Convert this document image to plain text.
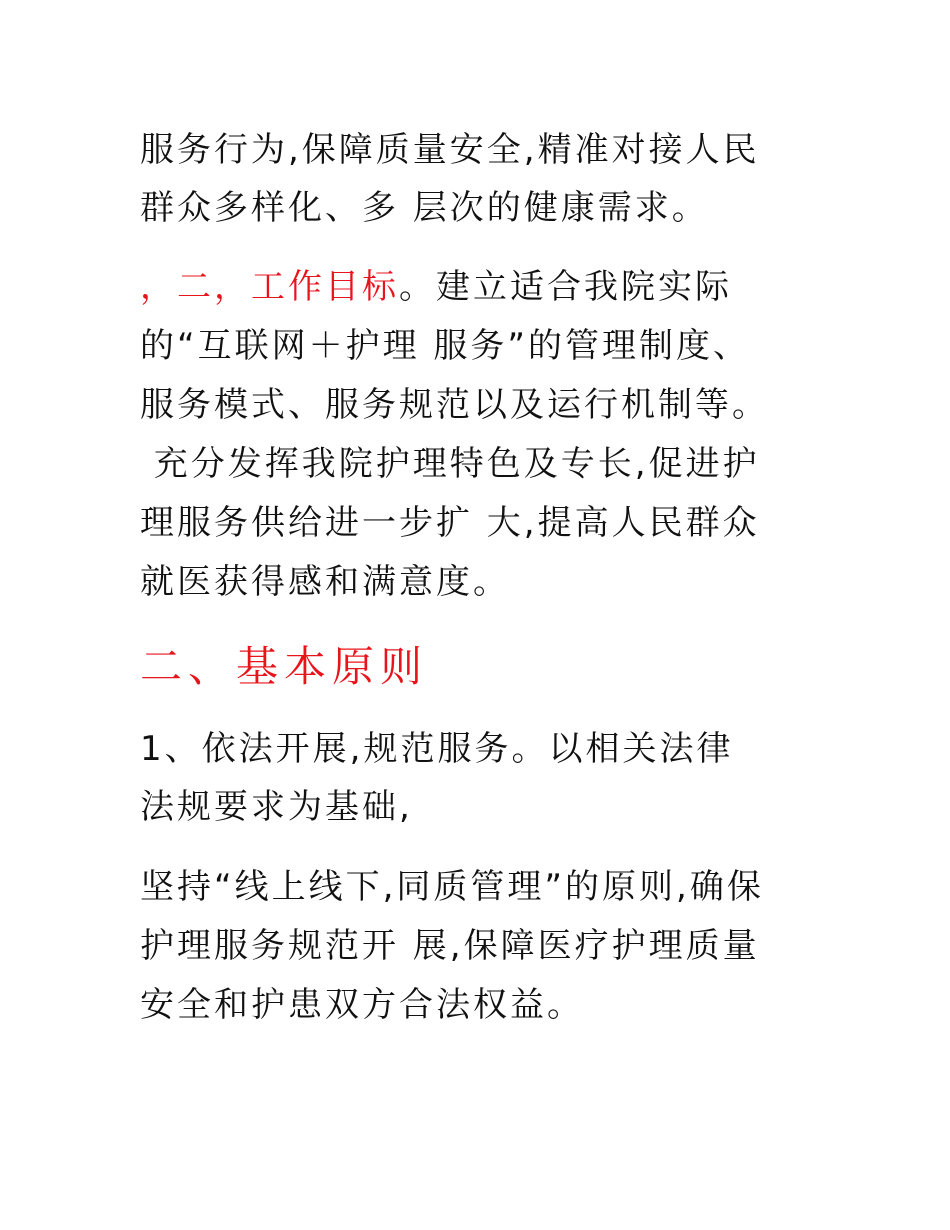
服务行为,保障质量安全,精准对接人民
群众多样化、多 层次的健康需求。
，二，工作目标。建立适合我院实际
的“互联网＋护理 服务”的管理制度、
服务模式、服务规范以及运行机制等。
充分发挥我院护理特色及专长,促进护
理服务供给进一步扩 大,提高人民群众
就医获得感和满意度。
二、基本原则
1、依法开展,规范服务。以相关法律
法规要求为基础,
坚持“线上线下,同质管理”的原则,确保
护理服务规范开 展,保障医疗护理质量
安全和护患双方合法权益。
